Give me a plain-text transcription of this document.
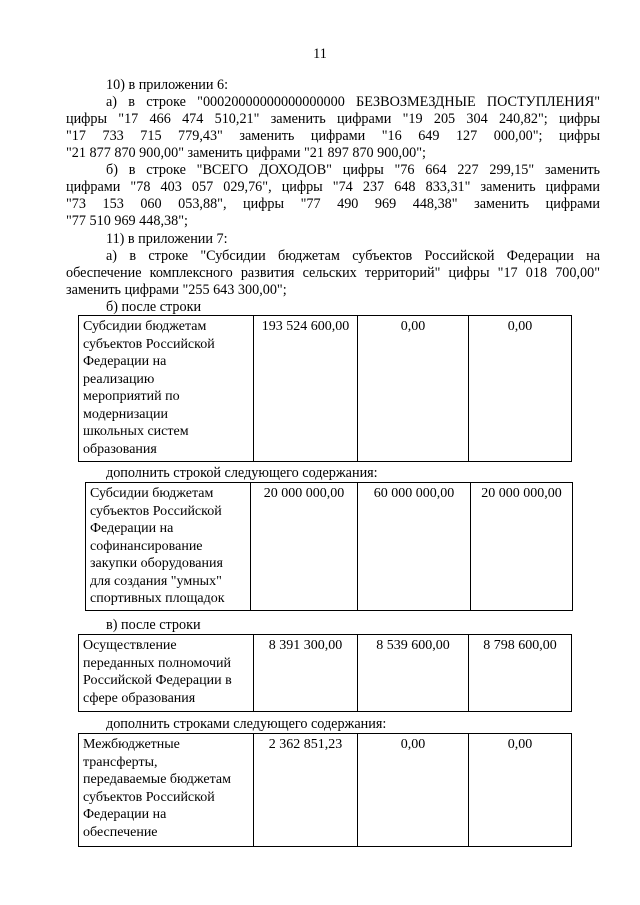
11
10) в приложении 6:
а) в строке "00020000000000000000 БЕЗВОЗМЕЗДНЫЕ ПОСТУПЛЕНИЯ"
цифры "17 466 474 510,21" заменить цифрами "19 205 304 240,82"; цифры
"17 733 715 779,43" заменить цифрами "16 649 127 000,00"; цифры
"21 877 870 900,00" заменить цифрами "21 897 870 900,00";
б) в строке "ВСЕГО ДОХОДОВ" цифры "76 664 227 299,15" заменить
цифрами "78 403 057 029,76", цифры "74 237 648 833,31" заменить цифрами
"73 153 060 053,88", цифры "77 490 969 448,38" заменить цифрами
"77 510 969 448,38";
11) в приложении 7:
а) в строке "Субсидии бюджетам субъектов Российской Федерации на
обеспечение комплексного развития сельских территорий" цифры "17 018 700,00"
заменить цифрами "255 643 300,00";
б) после строки
Субсидии бюджетам
субъектов Российской
Федерации на
реализацию
мероприятий по
модернизации
школьных систем
образования	193 524 600,00	0,00	0,00
дополнить строкой следующего содержания:
Субсидии бюджетам
субъектов Российской
Федерации на
софинансирование
закупки оборудования
для создания "умных"
спортивных площадок	20 000 000,00	60 000 000,00	20 000 000,00
в) после строки
Осуществление
переданных полномочий
Российской Федерации в
сфере образования	8 391 300,00	8 539 600,00	8 798 600,00
дополнить строками следующего содержания:
Межбюджетные
трансферты,
передаваемые бюджетам
субъектов Российской
Федерации на
обеспечение	2 362 851,23	0,00	0,00
